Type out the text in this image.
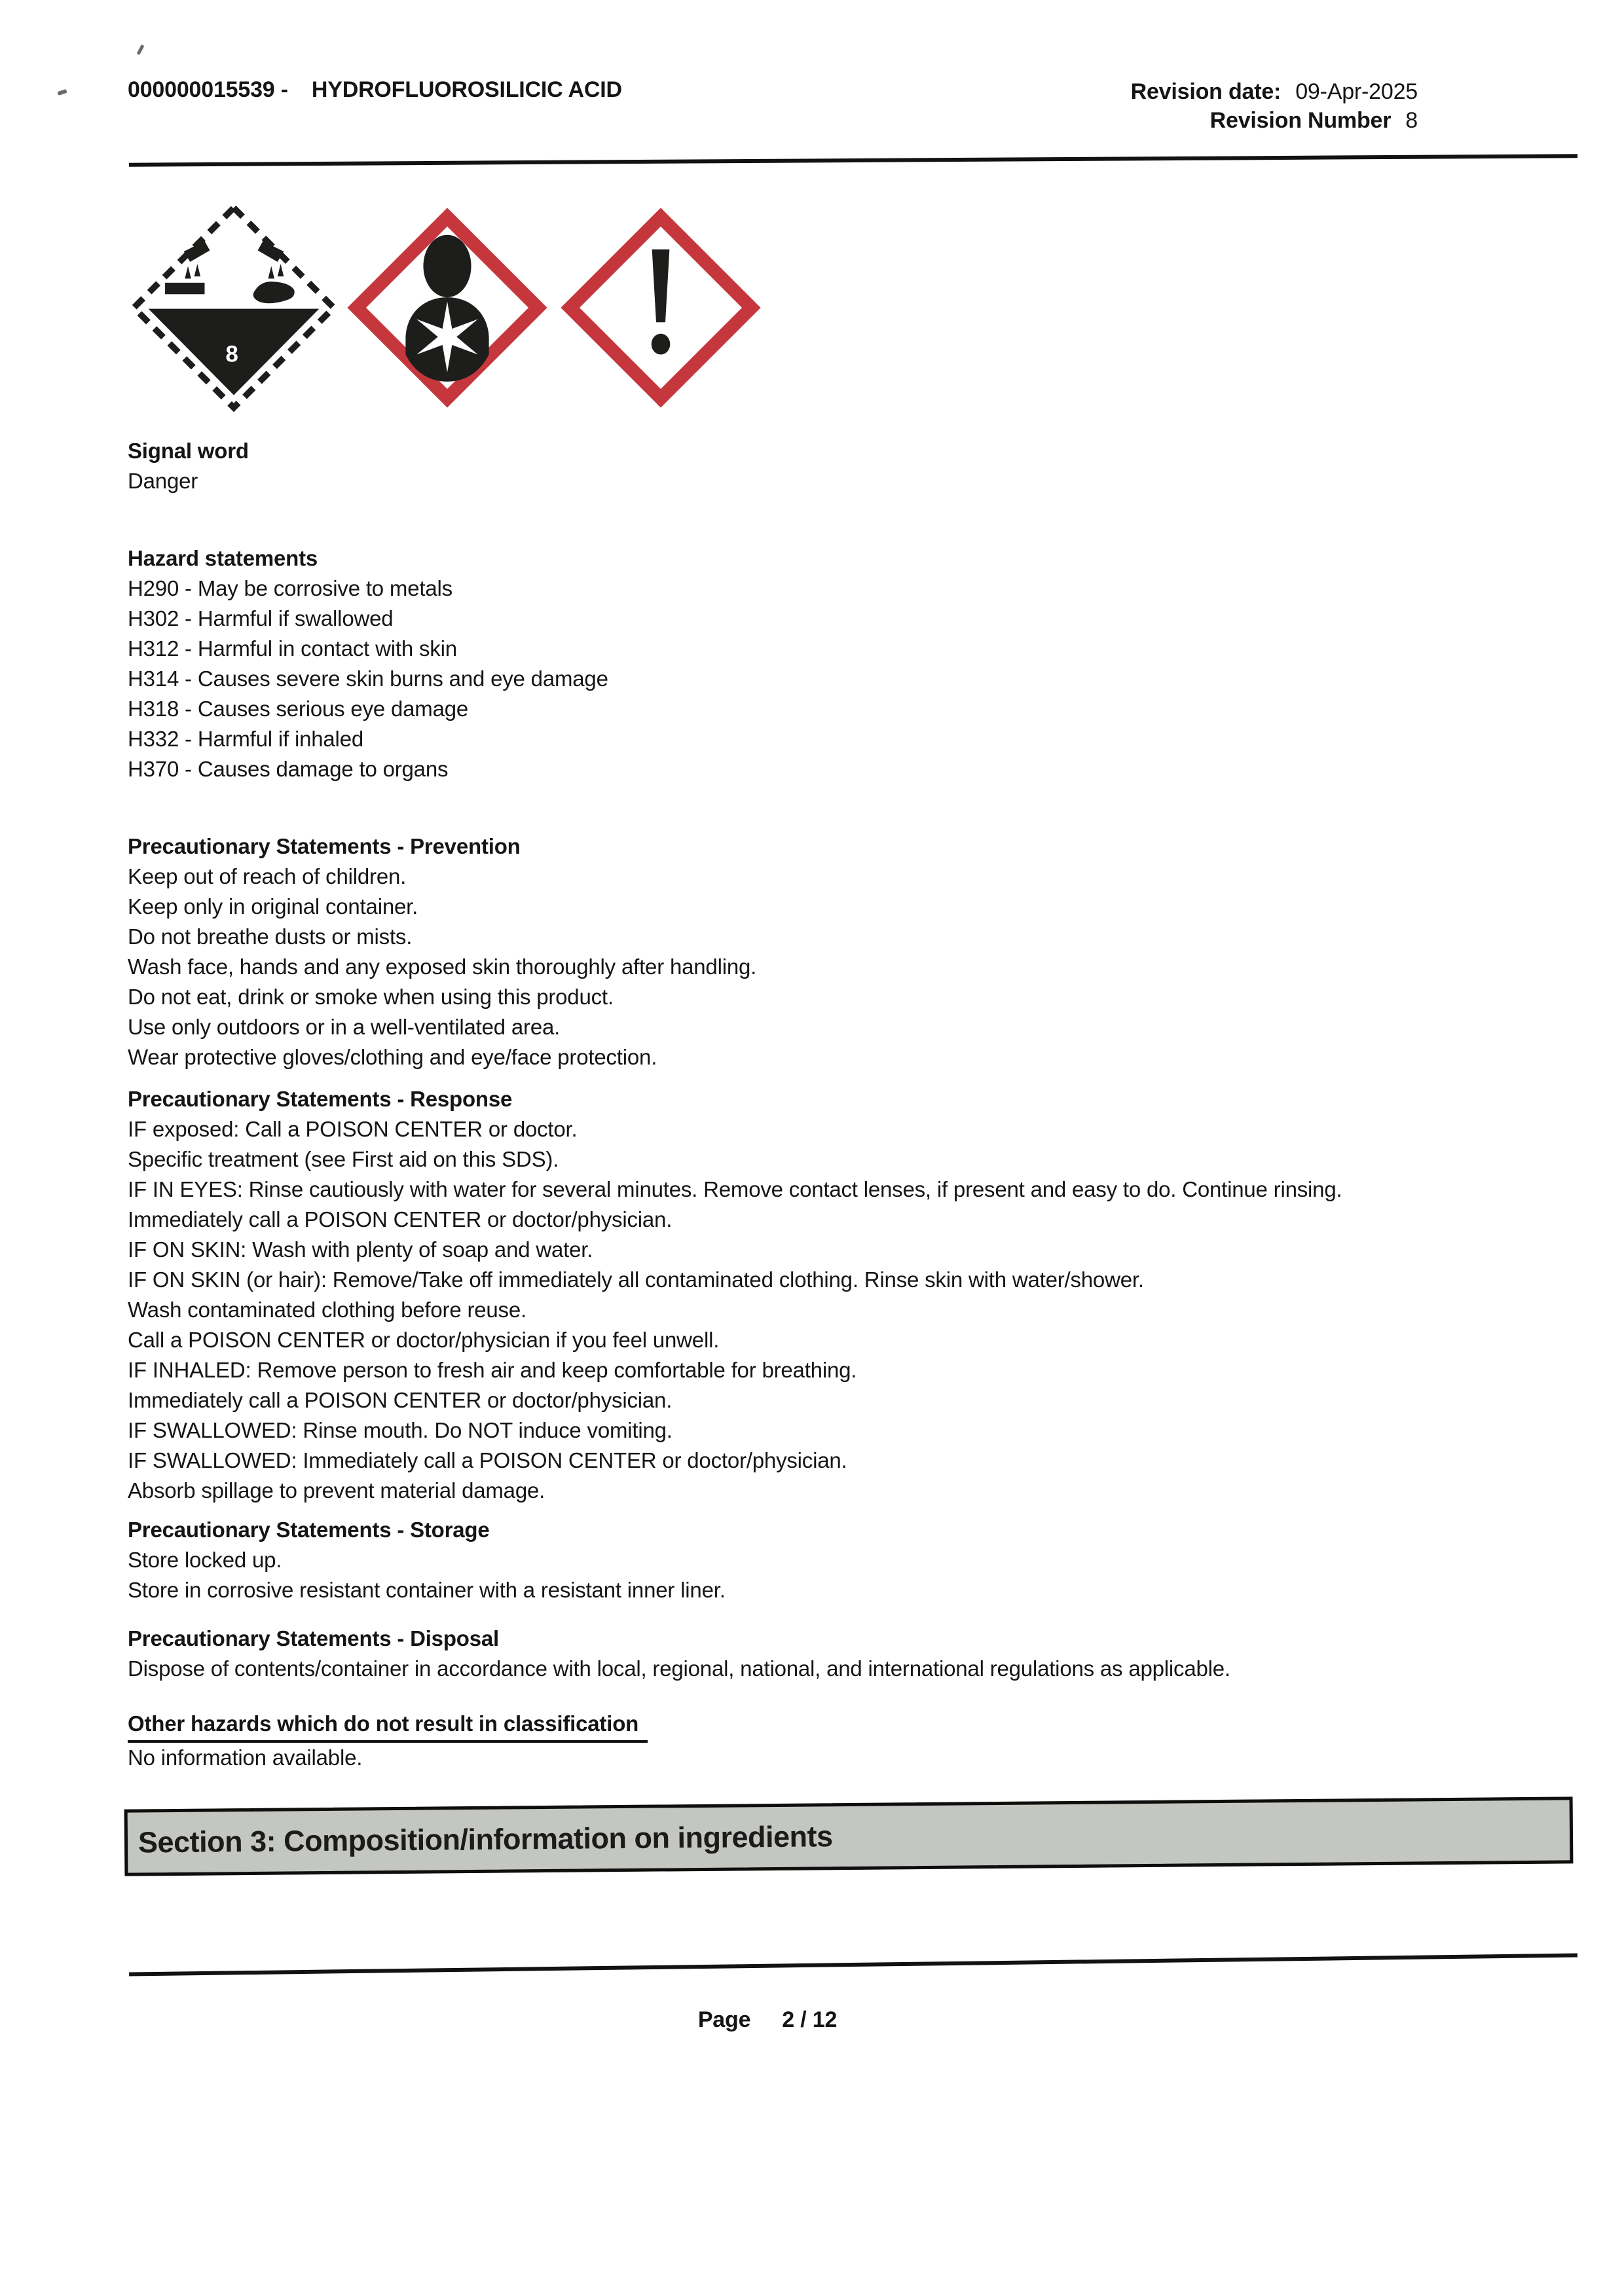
000000015539 - HYDROFLUOROSILICIC ACID	Revision date: 09-Apr-2025
Revision Number 8
8
Signal word
Danger
Hazard statements
H290 - May be corrosive to metals
H302 - Harmful if swallowed
H312 - Harmful in contact with skin
H314 - Causes severe skin burns and eye damage
H318 - Causes serious eye damage
H332 - Harmful if inhaled
H370 - Causes damage to organs
Precautionary Statements - Prevention
Keep out of reach of children.
Keep only in original container.
Do not breathe dusts or mists.
Wash face, hands and any exposed skin thoroughly after handling.
Do not eat, drink or smoke when using this product.
Use only outdoors or in a well-ventilated area.
Wear protective gloves/clothing and eye/face protection.
Precautionary Statements - Response
IF exposed: Call a POISON CENTER or doctor.
Specific treatment (see First aid on this SDS).
IF IN EYES: Rinse cautiously with water for several minutes. Remove contact lenses, if present and easy to do. Continue rinsing.
Immediately call a POISON CENTER or doctor/physician.
IF ON SKIN: Wash with plenty of soap and water.
IF ON SKIN (or hair): Remove/Take off immediately all contaminated clothing. Rinse skin with water/shower.
Wash contaminated clothing before reuse.
Call a POISON CENTER or doctor/physician if you feel unwell.
IF INHALED: Remove person to fresh air and keep comfortable for breathing.
Immediately call a POISON CENTER or doctor/physician.
IF SWALLOWED: Rinse mouth. Do NOT induce vomiting.
IF SWALLOWED: Immediately call a POISON CENTER or doctor/physician.
Absorb spillage to prevent material damage.
Precautionary Statements - Storage
Store locked up.
Store in corrosive resistant container with a resistant inner liner.
Precautionary Statements - Disposal
Dispose of contents/container in accordance with local, regional, national, and international regulations as applicable.
Other hazards which do not result in classification
No information available.
Section 3: Composition/information on ingredients
Page 2 / 12
